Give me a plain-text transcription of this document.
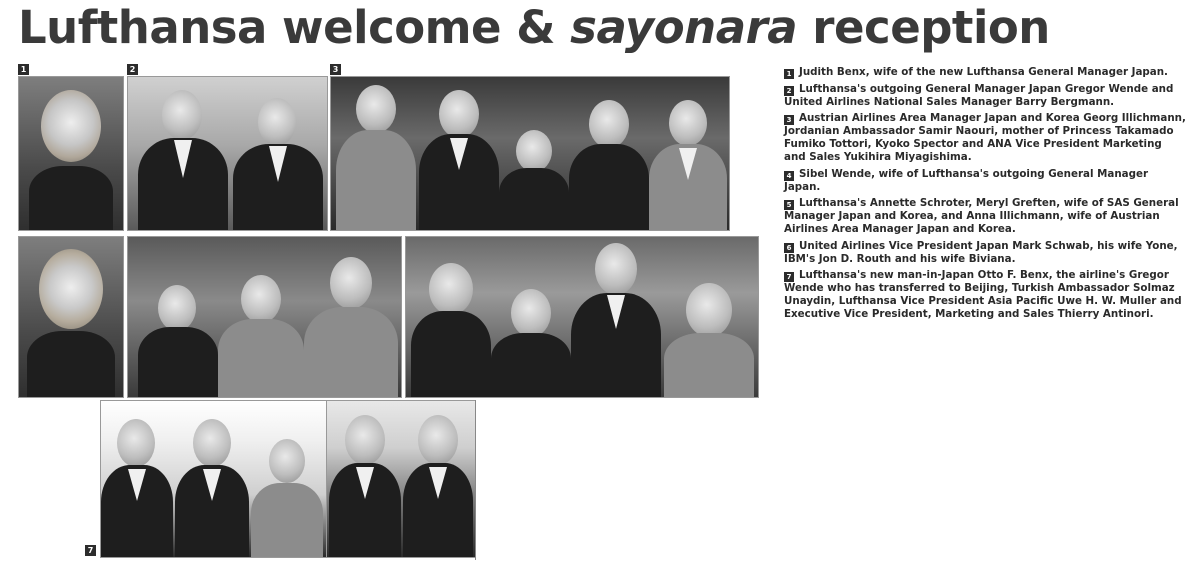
Lufthansa welcome & sayonara reception
1	2	3
7
1 Judith Benx, wife of the new Lufthansa General Manager Japan.
2 Lufthansa's outgoing General Manager Japan Gregor Wende and United Airlines National Sales Manager Barry Bergmann.
3 Austrian Airlines Area Manager Japan and Korea Georg Illichmann, Jordanian Ambassador Samir Naouri, mother of Princess Takamado Fumiko Tottori, Kyoko Spector and ANA Vice President Marketing and Sales Yukihira Miyagishima.
4 Sibel Wende, wife of Lufthansa's outgoing General Manager Japan.
5 Lufthansa's Annette Schroter, Meryl Greften, wife of SAS General Manager Japan and Korea, and Anna Illichmann, wife of Austrian Airlines Area Manager Japan and Korea.
6 United Airlines Vice President Japan Mark Schwab, his wife Yone, IBM's Jon D. Routh and his wife Biviana.
7 Lufthansa's new man-in-Japan Otto F. Benx, the airline's Gregor Wende who has transferred to Beijing, Turkish Ambassador Solmaz Unaydin, Lufthansa Vice President Asia Pacific Uwe H. W. Muller and Executive Vice President, Marketing and Sales Thierry Antinori.
